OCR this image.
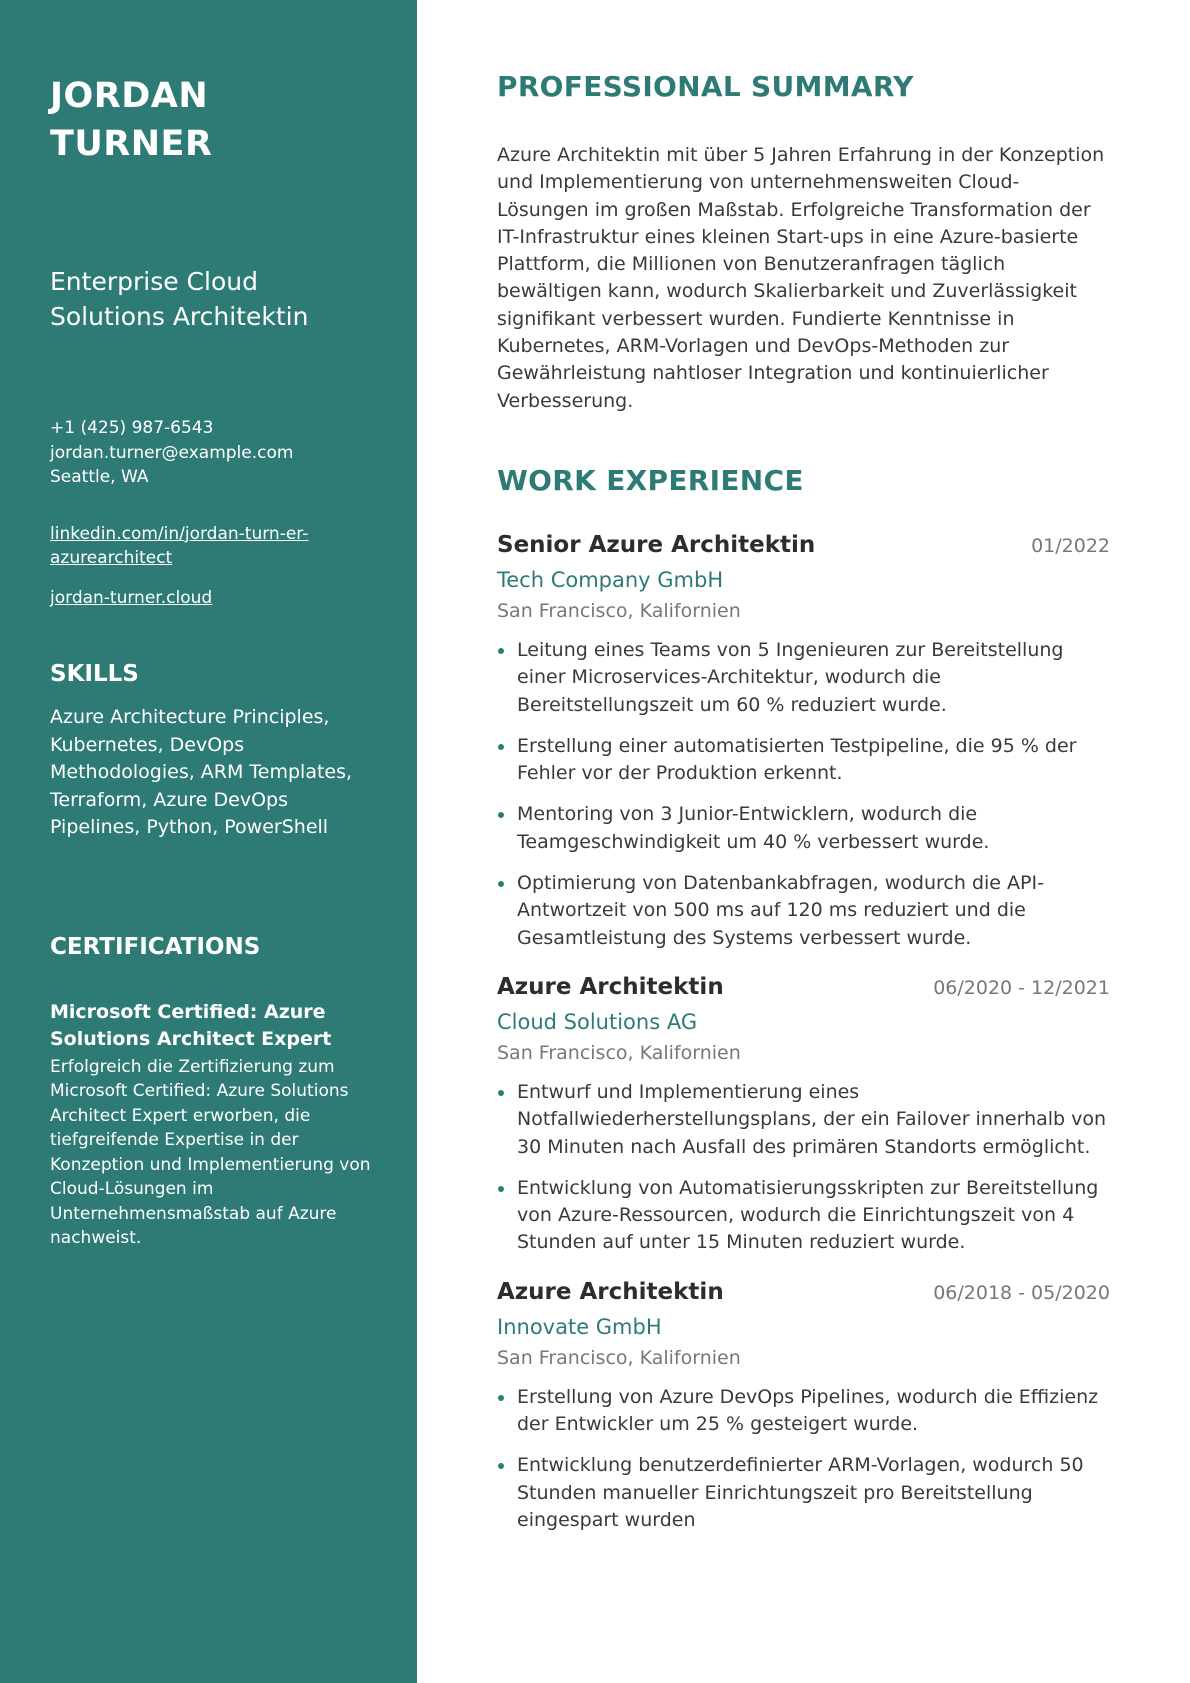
JORDAN TURNER
Enterprise Cloud Solutions Architektin
+1 (425) 987-6543
jordan.turner@example.com
Seattle, WA
linkedin.com/in/jordan-turn-er-azurearchitect
jordan-turner.cloud
SKILLS
Azure Architecture Principles, Kubernetes, DevOps Methodologies, ARM Templates, Terraform, Azure DevOps Pipelines, Python, PowerShell
CERTIFICATIONS
Microsoft Certified: Azure Solutions Architect Expert
Erfolgreich die Zertifizierung zum Microsoft Certified: Azure Solutions Architect Expert erworben, die tiefgreifende Expertise in der Konzeption und Implementierung von Cloud-Lösungen im Unternehmensmaßstab auf Azure nachweist.
PROFESSIONAL SUMMARY

Azure Architektin mit über 5 Jahren Erfahrung in der Konzeption und Implementierung von unternehmensweiten Cloud-Lösungen im großen Maßstab. Erfolgreiche Transformation der IT-Infrastruktur eines kleinen Start-ups in eine Azure-basierte Plattform, die Millionen von Benutzeranfragen täglich bewältigen kann, wodurch Skalierbarkeit und Zuverlässigkeit signifikant verbessert wurden. Fundierte Kenntnisse in Kubernetes, ARM-Vorlagen und DevOps-Methoden zur Gewährleistung nahtloser Integration und kontinuierlicher Verbesserung.

WORK EXPERIENCE
Senior Azure Architektin	01/2022
Tech Company GmbH
San Francisco, Kalifornien
Leitung eines Teams von 5 Ingenieuren zur Bereitstellung einer Microservices-Architektur, wodurch die Bereitstellungszeit um 60 % reduziert wurde.
Erstellung einer automatisierten Testpipeline, die 95 % der Fehler vor der Produktion erkennt.
Mentoring von 3 Junior-Entwicklern, wodurch die Teamgeschwindigkeit um 40 % verbessert wurde.
Optimierung von Datenbankabfragen, wodurch die API-Antwortzeit von 500 ms auf 120 ms reduziert und die Gesamtleistung des Systems verbessert wurde.
Azure Architektin	06/2020 - 12/2021
Cloud Solutions AG
San Francisco, Kalifornien
Entwurf und Implementierung eines Notfallwiederherstellungsplans, der ein Failover innerhalb von 30 Minuten nach Ausfall des primären Standorts ermöglicht.
Entwicklung von Automatisierungsskripten zur Bereitstellung von Azure-Ressourcen, wodurch die Einrichtungszeit von 4 Stunden auf unter 15 Minuten reduziert wurde.
Azure Architektin	06/2018 - 05/2020
Innovate GmbH
San Francisco, Kalifornien
Erstellung von Azure DevOps Pipelines, wodurch die Effizienz der Entwickler um 25 % gesteigert wurde.
Entwicklung benutzerdefinierter ARM-Vorlagen, wodurch 50 Stunden manueller Einrichtungszeit pro Bereitstellung eingespart wurden
